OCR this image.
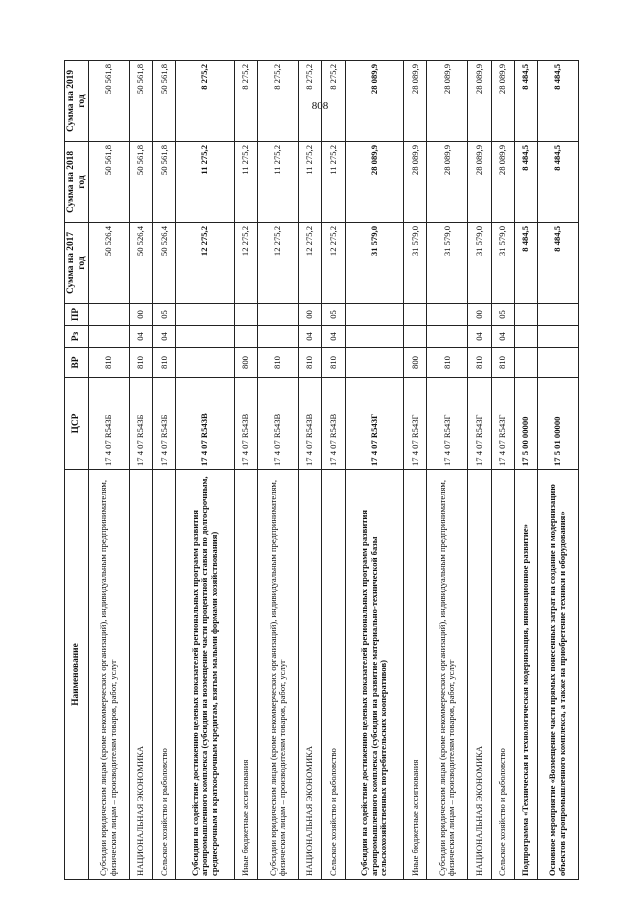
808
Наименование	ЦСР	ВР	Рз	ПР	Сумма на 2017 год	Сумма на 2018 год	Сумма на 2019 год
Субсидии юридическим лицам (кроме некоммерческих организаций), индивидуальным предпринимателям, физическим лицам – производителям товаров, работ, услуг	17 4 07 R543Б	810			50 526,4	50 561,8	50 561,8
НАЦИОНАЛЬНАЯ ЭКОНОМИКА	17 4 07 R543Б	810	04	00	50 526,4	50 561,8	50 561,8
Сельское хозяйство и рыболовство	17 4 07 R543Б	810	04	05	50 526,4	50 561,8	50 561,8
Субсидии на содействие достижению целевых показателей региональных программ развития агропромышленного комплекса (субсидии на возмещение части процентной ставки по долгосрочным, среднесрочным и краткосрочным кредитам, взятым малыми формами хозяйствования)	17 4 07 R543В				12 275,2	11 275,2	8 275,2
Иные бюджетные ассигнования	17 4 07 R543В	800			12 275,2	11 275,2	8 275,2
Субсидии юридическим лицам (кроме некоммерческих организаций), индивидуальным предпринимателям, физическим лицам – производителям товаров, работ, услуг	17 4 07 R543В	810			12 275,2	11 275,2	8 275,2
НАЦИОНАЛЬНАЯ ЭКОНОМИКА	17 4 07 R543В	810	04	00	12 275,2	11 275,2	8 275,2
Сельское хозяйство и рыболовство	17 4 07 R543В	810	04	05	12 275,2	11 275,2	8 275,2
Субсидии на содействие достижению целевых показателей региональных программ развития агропромышленного комплекса (субсидии на развитие материально-технической базы сельскохозяйственных потребительских кооперативов)	17 4 07 R543Г				31 579,0	28 089,9	28 089,9
Иные бюджетные ассигнования	17 4 07 R543Г	800			31 579,0	28 089,9	28 089,9
Субсидии юридическим лицам (кроме некоммерческих организаций), индивидуальным предпринимателям, физическим лицам – производителям товаров, работ, услуг	17 4 07 R543Г	810			31 579,0	28 089,9	28 089,9
НАЦИОНАЛЬНАЯ ЭКОНОМИКА	17 4 07 R543Г	810	04	00	31 579,0	28 089,9	28 089,9
Сельское хозяйство и рыболовство	17 4 07 R543Г	810	04	05	31 579,0	28 089,9	28 089,9
Подпрограмма «Техническая и технологическая модернизация, инновационное развитие»	17 5 00 00000				8 484,5	8 484,5	8 484,5
Основное мероприятие «Возмещение части прямых понесенных затрат на создание и модернизацию объектов агропромышленного комплекса, а также на приобретение техники и оборудования»	17 5 01 00000				8 484,5	8 484,5	8 484,5
